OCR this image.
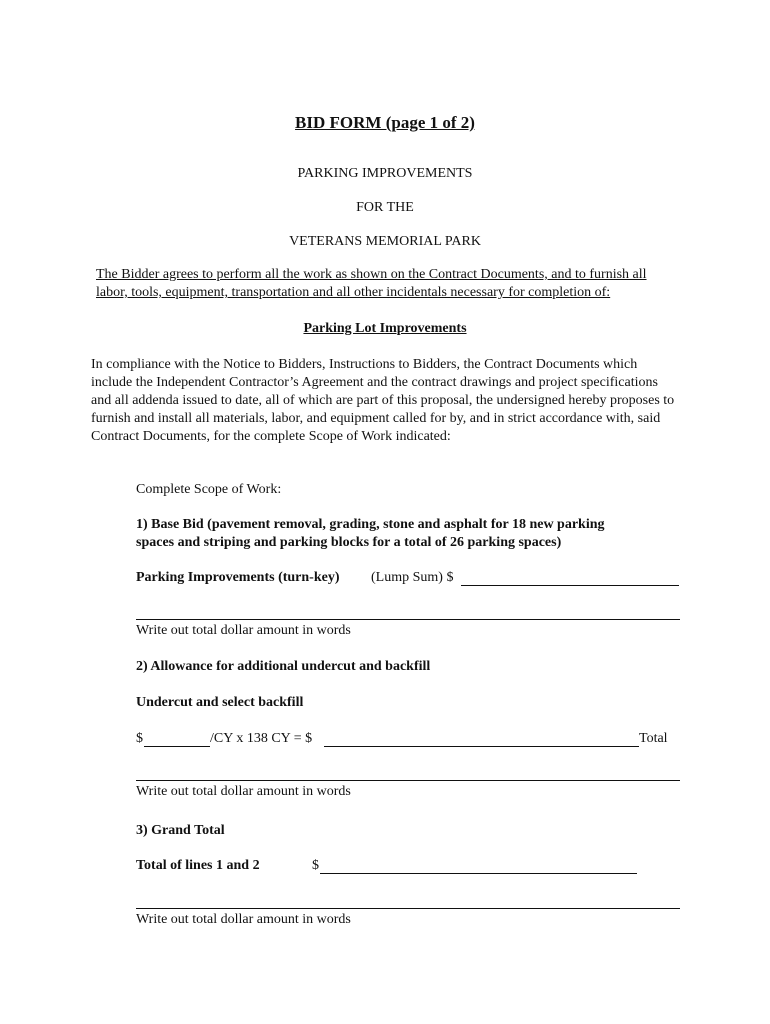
BID FORM (page 1 of 2)
PARKING IMPROVEMENTS
FOR THE
VETERANS MEMORIAL PARK
The Bidder agrees to perform all the work as shown on the Contract Documents, and to furnish all labor, tools, equipment, transportation and all other incidentals necessary for completion of:
Parking Lot Improvements
In compliance with the Notice to Bidders, Instructions to Bidders, the Contract Documents which include the Independent Contractor’s Agreement and the contract drawings and project specifications and all addenda issued to date, all of which are part of this proposal, the undersigned hereby proposes to furnish and install all materials, labor, and equipment called for by, and in strict accordance with, said Contract Documents, for the complete Scope of Work indicated:
Complete Scope of Work:
1) Base Bid (pavement removal, grading, stone and asphalt for 18 new parking
spaces and striping and parking blocks for a total of 26 parking spaces)
Parking Improvements (turn-key) (Lump Sum) $
Write out total dollar amount in words
2) Allowance for additional undercut and backfill
Undercut and select backfill
$	/CY x 138 CY = $	Total
Write out total dollar amount in words
3) Grand Total
Total of lines 1 and 2	$
Write out total dollar amount in words
